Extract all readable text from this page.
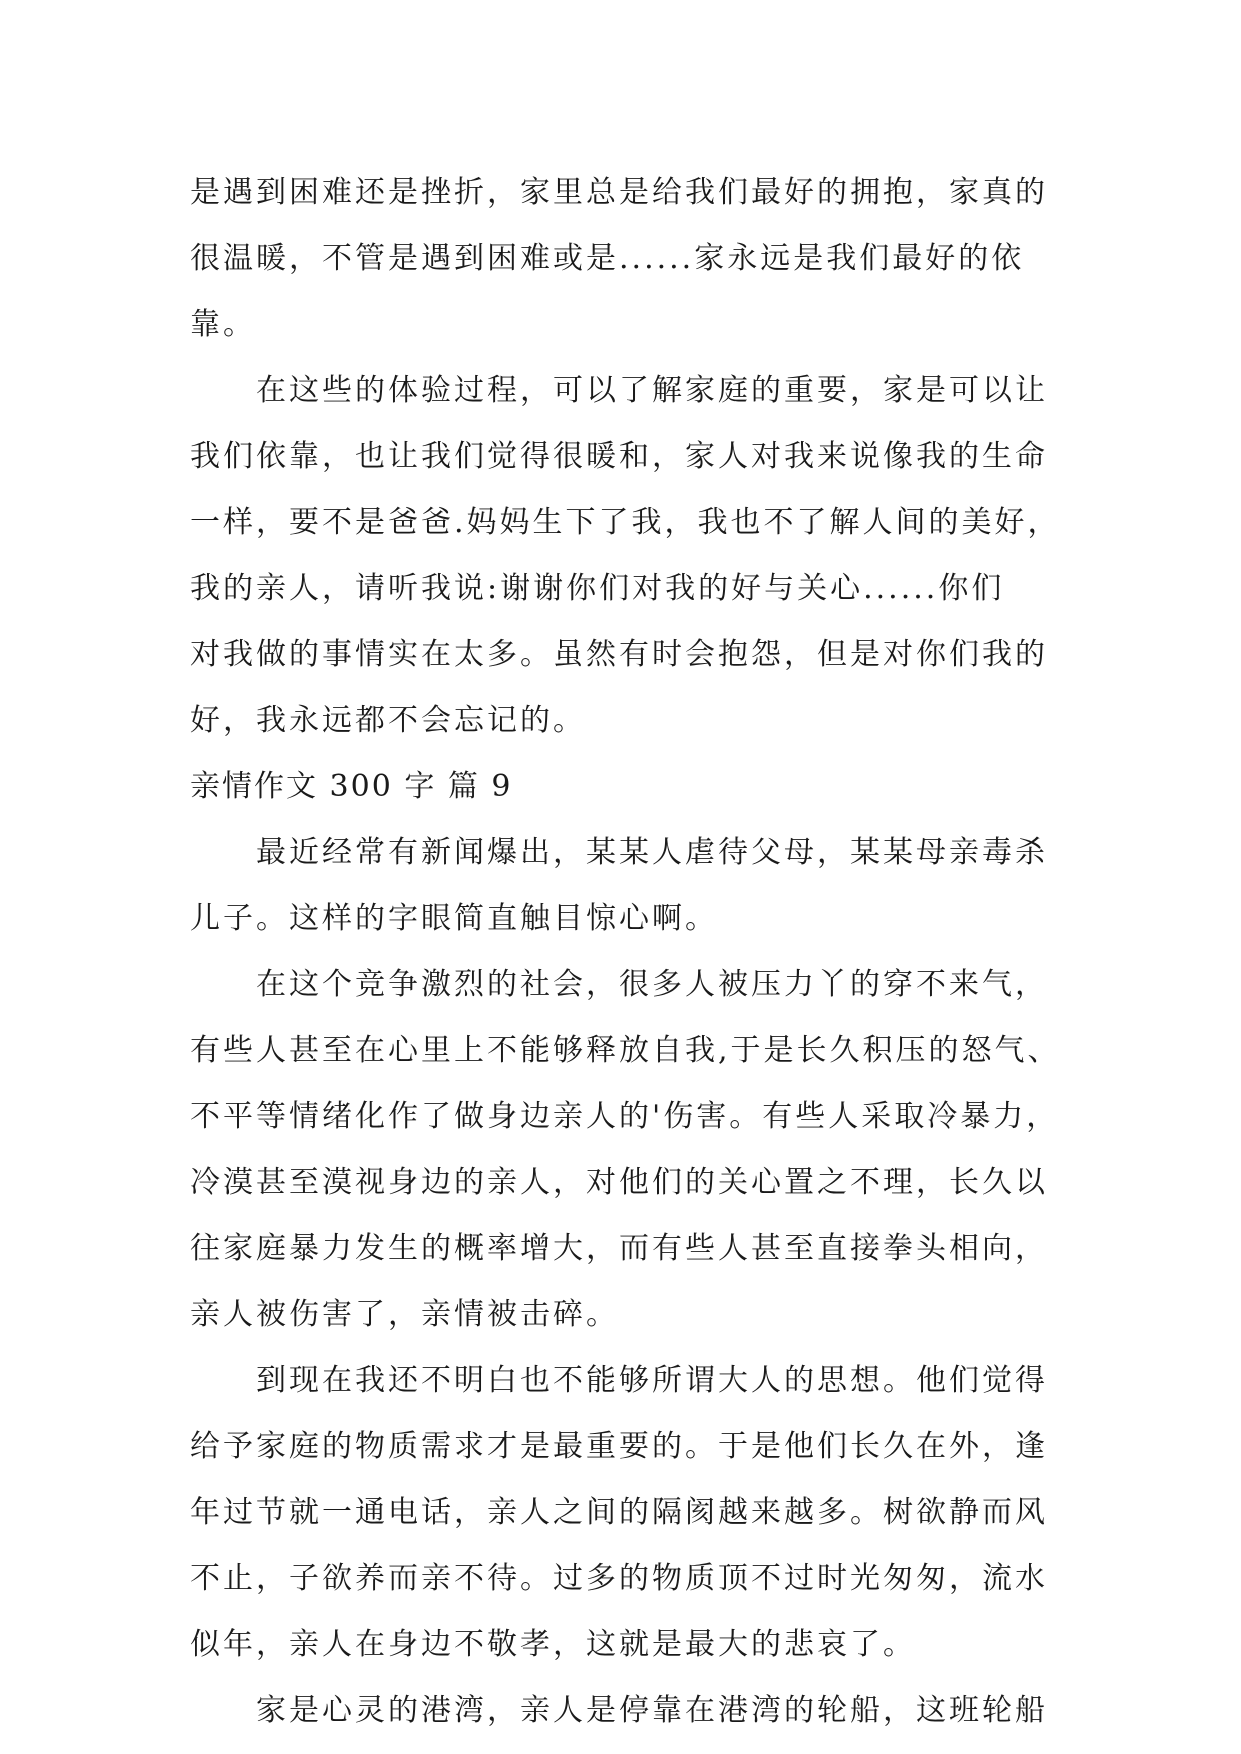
是遇到困难还是挫折，家里总是给我们最好的拥抱，家真的
很温暖，不管是遇到困难或是......家永远是我们最好的依
靠。
在这些的体验过程，可以了解家庭的重要，家是可以让
我们依靠，也让我们觉得很暖和，家人对我来说像我的生命
一样，要不是爸爸.妈妈生下了我，我也不了解人间的美好，
我的亲人，请听我说:谢谢你们对我的好与关心......你们
对我做的事情实在太多。虽然有时会抱怨，但是对你们我的
好，我永远都不会忘记的。
亲情作文 300 字 篇 9
最近经常有新闻爆出，某某人虐待父母，某某母亲毒杀
儿子。这样的字眼简直触目惊心啊。
在这个竞争激烈的社会，很多人被压力丫的穿不来气，
有些人甚至在心里上不能够释放自我,于是长久积压的怒气、
不平等情绪化作了做身边亲人的'伤害。有些人采取冷暴力，
冷漠甚至漠视身边的亲人，对他们的关心置之不理，长久以
往家庭暴力发生的概率增大，而有些人甚至直接拳头相向，
亲人被伤害了，亲情被击碎。
到现在我还不明白也不能够所谓大人的思想。他们觉得
给予家庭的物质需求才是最重要的。于是他们长久在外，逢
年过节就一通电话，亲人之间的隔阂越来越多。树欲静而风
不止，子欲养而亲不待。过多的物质顶不过时光匆匆，流水
似年，亲人在身边不敬孝，这就是最大的悲哀了。
家是心灵的港湾，亲人是停靠在港湾的轮船，这班轮船
